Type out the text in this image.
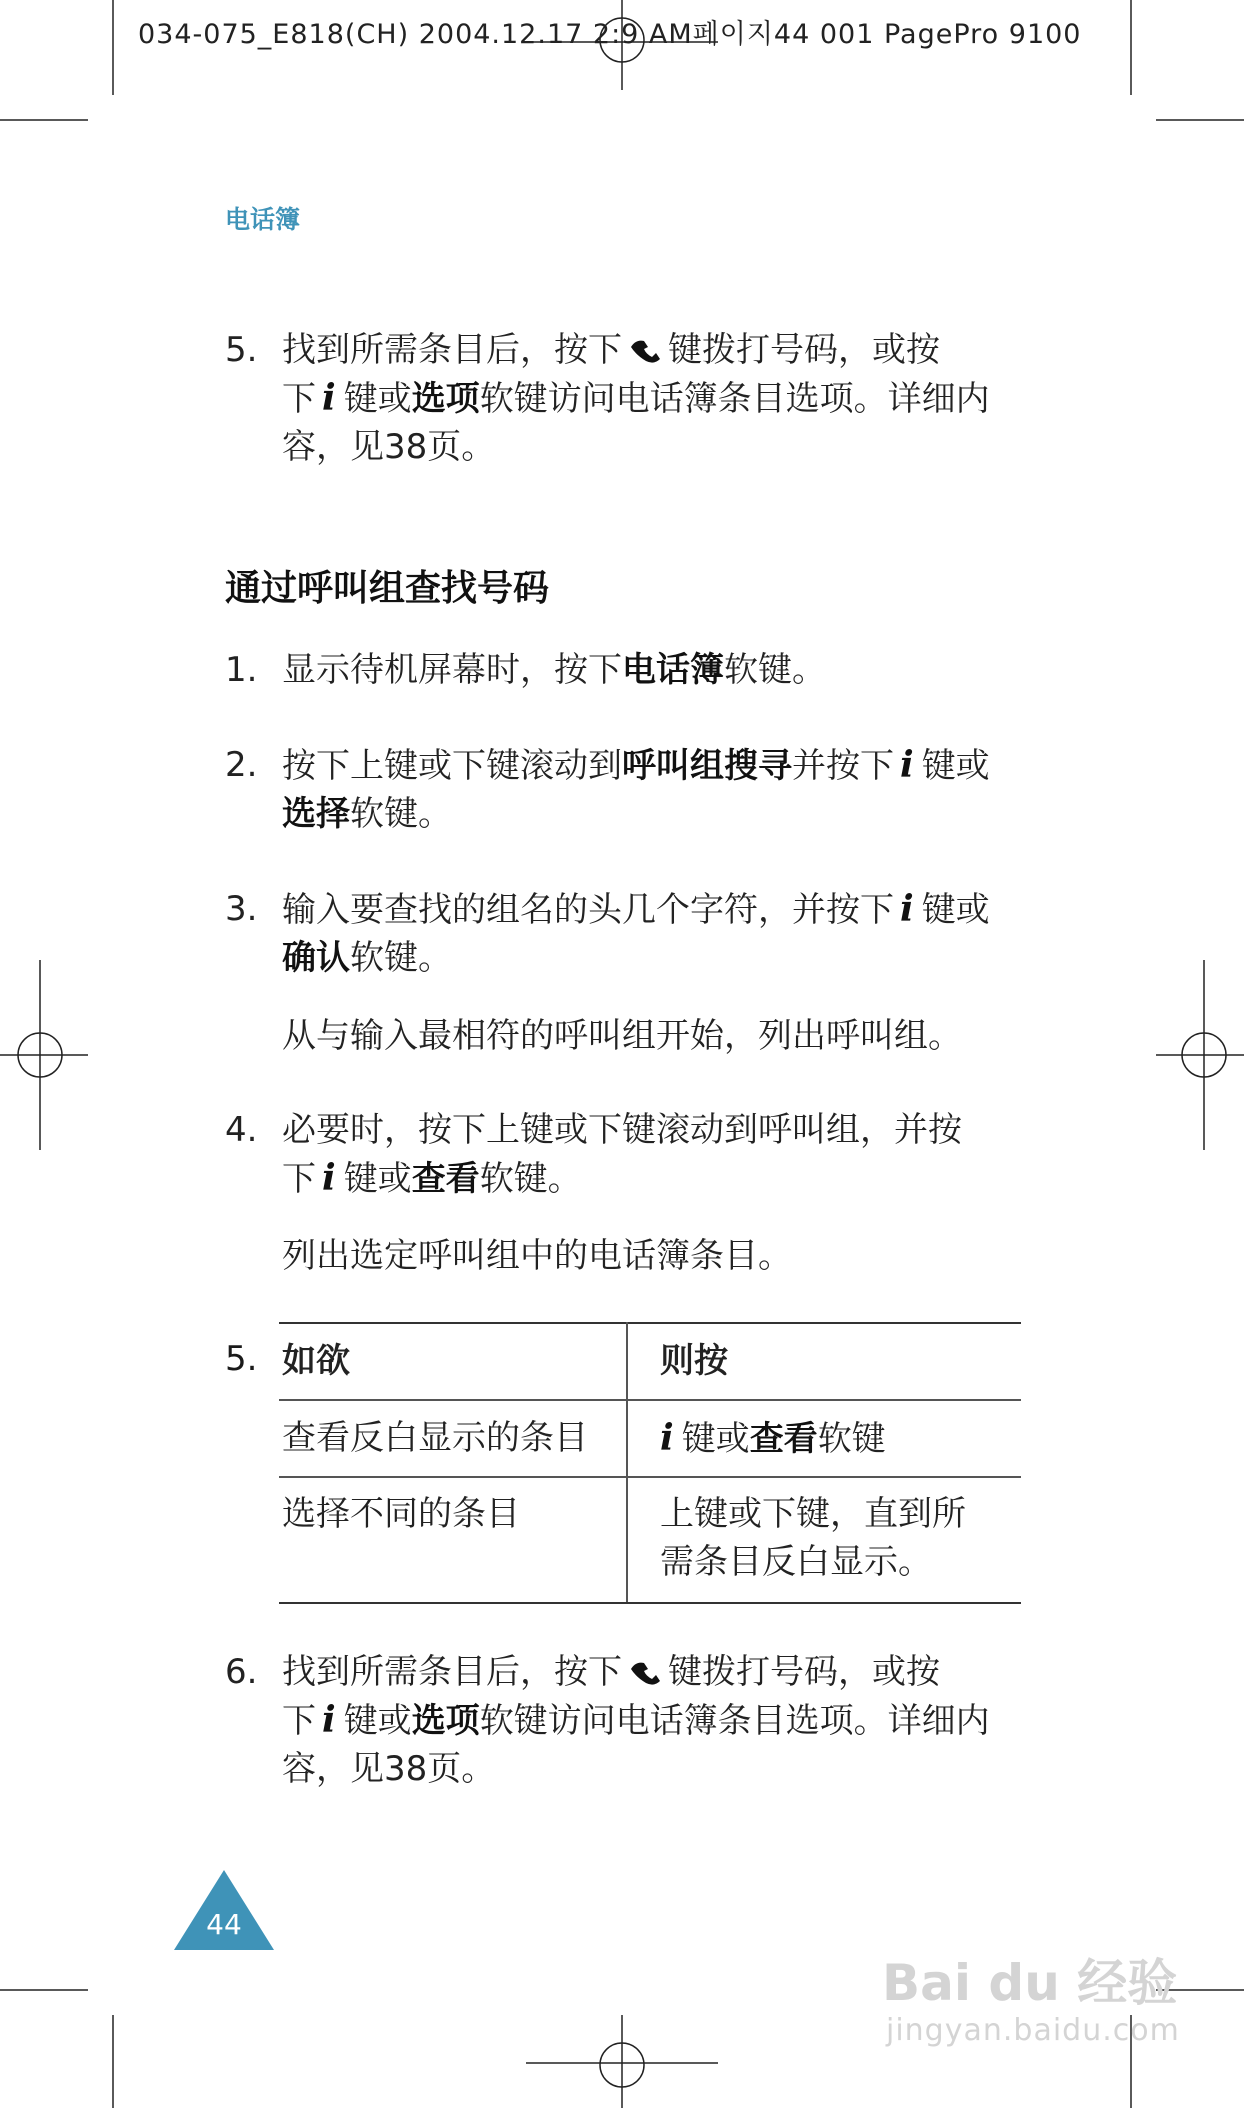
034-075_E818(CH) 2004.12.17 2:9 AM페이지44 001 PagePro 9100
电话簿
5. 找到所需条目后，按下 键拨打号码，或按
下 i 键或选项软键访问电话簿条目选项。详细内
容，见38页。
通过呼叫组查找号码
1. 显示待机屏幕时，按下电话簿软键。
2. 按下上键或下键滚动到呼叫组搜寻并按下 i 键或
选择软键。
3. 输入要查找的组名的头几个字符，并按下 i 键或
确认软键。
从与输入最相符的呼叫组开始，列出呼叫组。
4. 必要时，按下上键或下键滚动到呼叫组，并按
下 i 键或查看软键。
列出选定呼叫组中的电话簿条目。
5. 如欲	则按
查看反白显示的条目 i 键或查看软键
选择不同的条目	上键或下键，直到所
需条目反白显示。
6. 找到所需条目后，按下 键拨打号码，或按
下 i 键或选项软键访问电话簿条目选项。详细内
容，见38页。
44
Bai du 经验
jingyan.baidu.com
